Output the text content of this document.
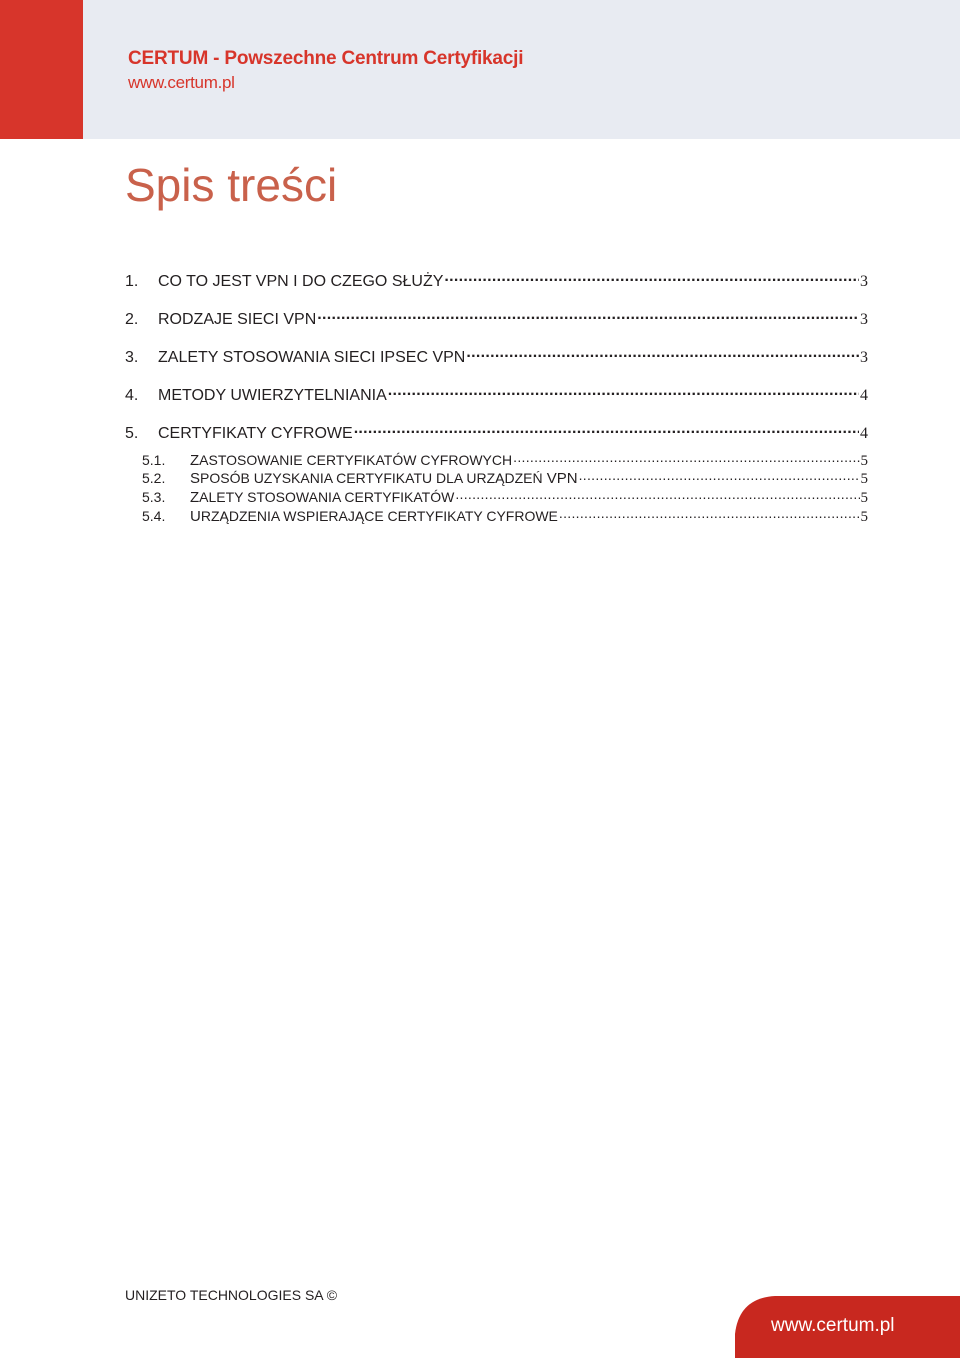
CERTUM - Powszechne Centrum Certyfikacji
www.certum.pl
Spis treści
1.	CO TO JEST VPN I DO CZEGO SŁUŻY .....	3
2.	RODZAJE SIECI VPN .....	3
3.	ZALETY STOSOWANIA SIECI IPSEC VPN .....	3
4.	METODY UWIERZYTELNIANIA .....	4
5.	CERTYFIKATY CYFROWE .....	4
5.1.	ZASTOSOWANIE CERTYFIKATÓW CYFROWYCH .....	5
5.2.	SPOSÓB UZYSKANIA CERTYFIKATU DLA URZĄDZEŃ VPN .....	5
5.3.	ZALETY STOSOWANIA CERTYFIKATÓW .....	5
5.4.	URZĄDZENIA WSPIERAJĄCE CERTYFIKATY CYFROWE .....	5
UNIZETO TECHNOLOGIES SA ©
www.certum.pl
